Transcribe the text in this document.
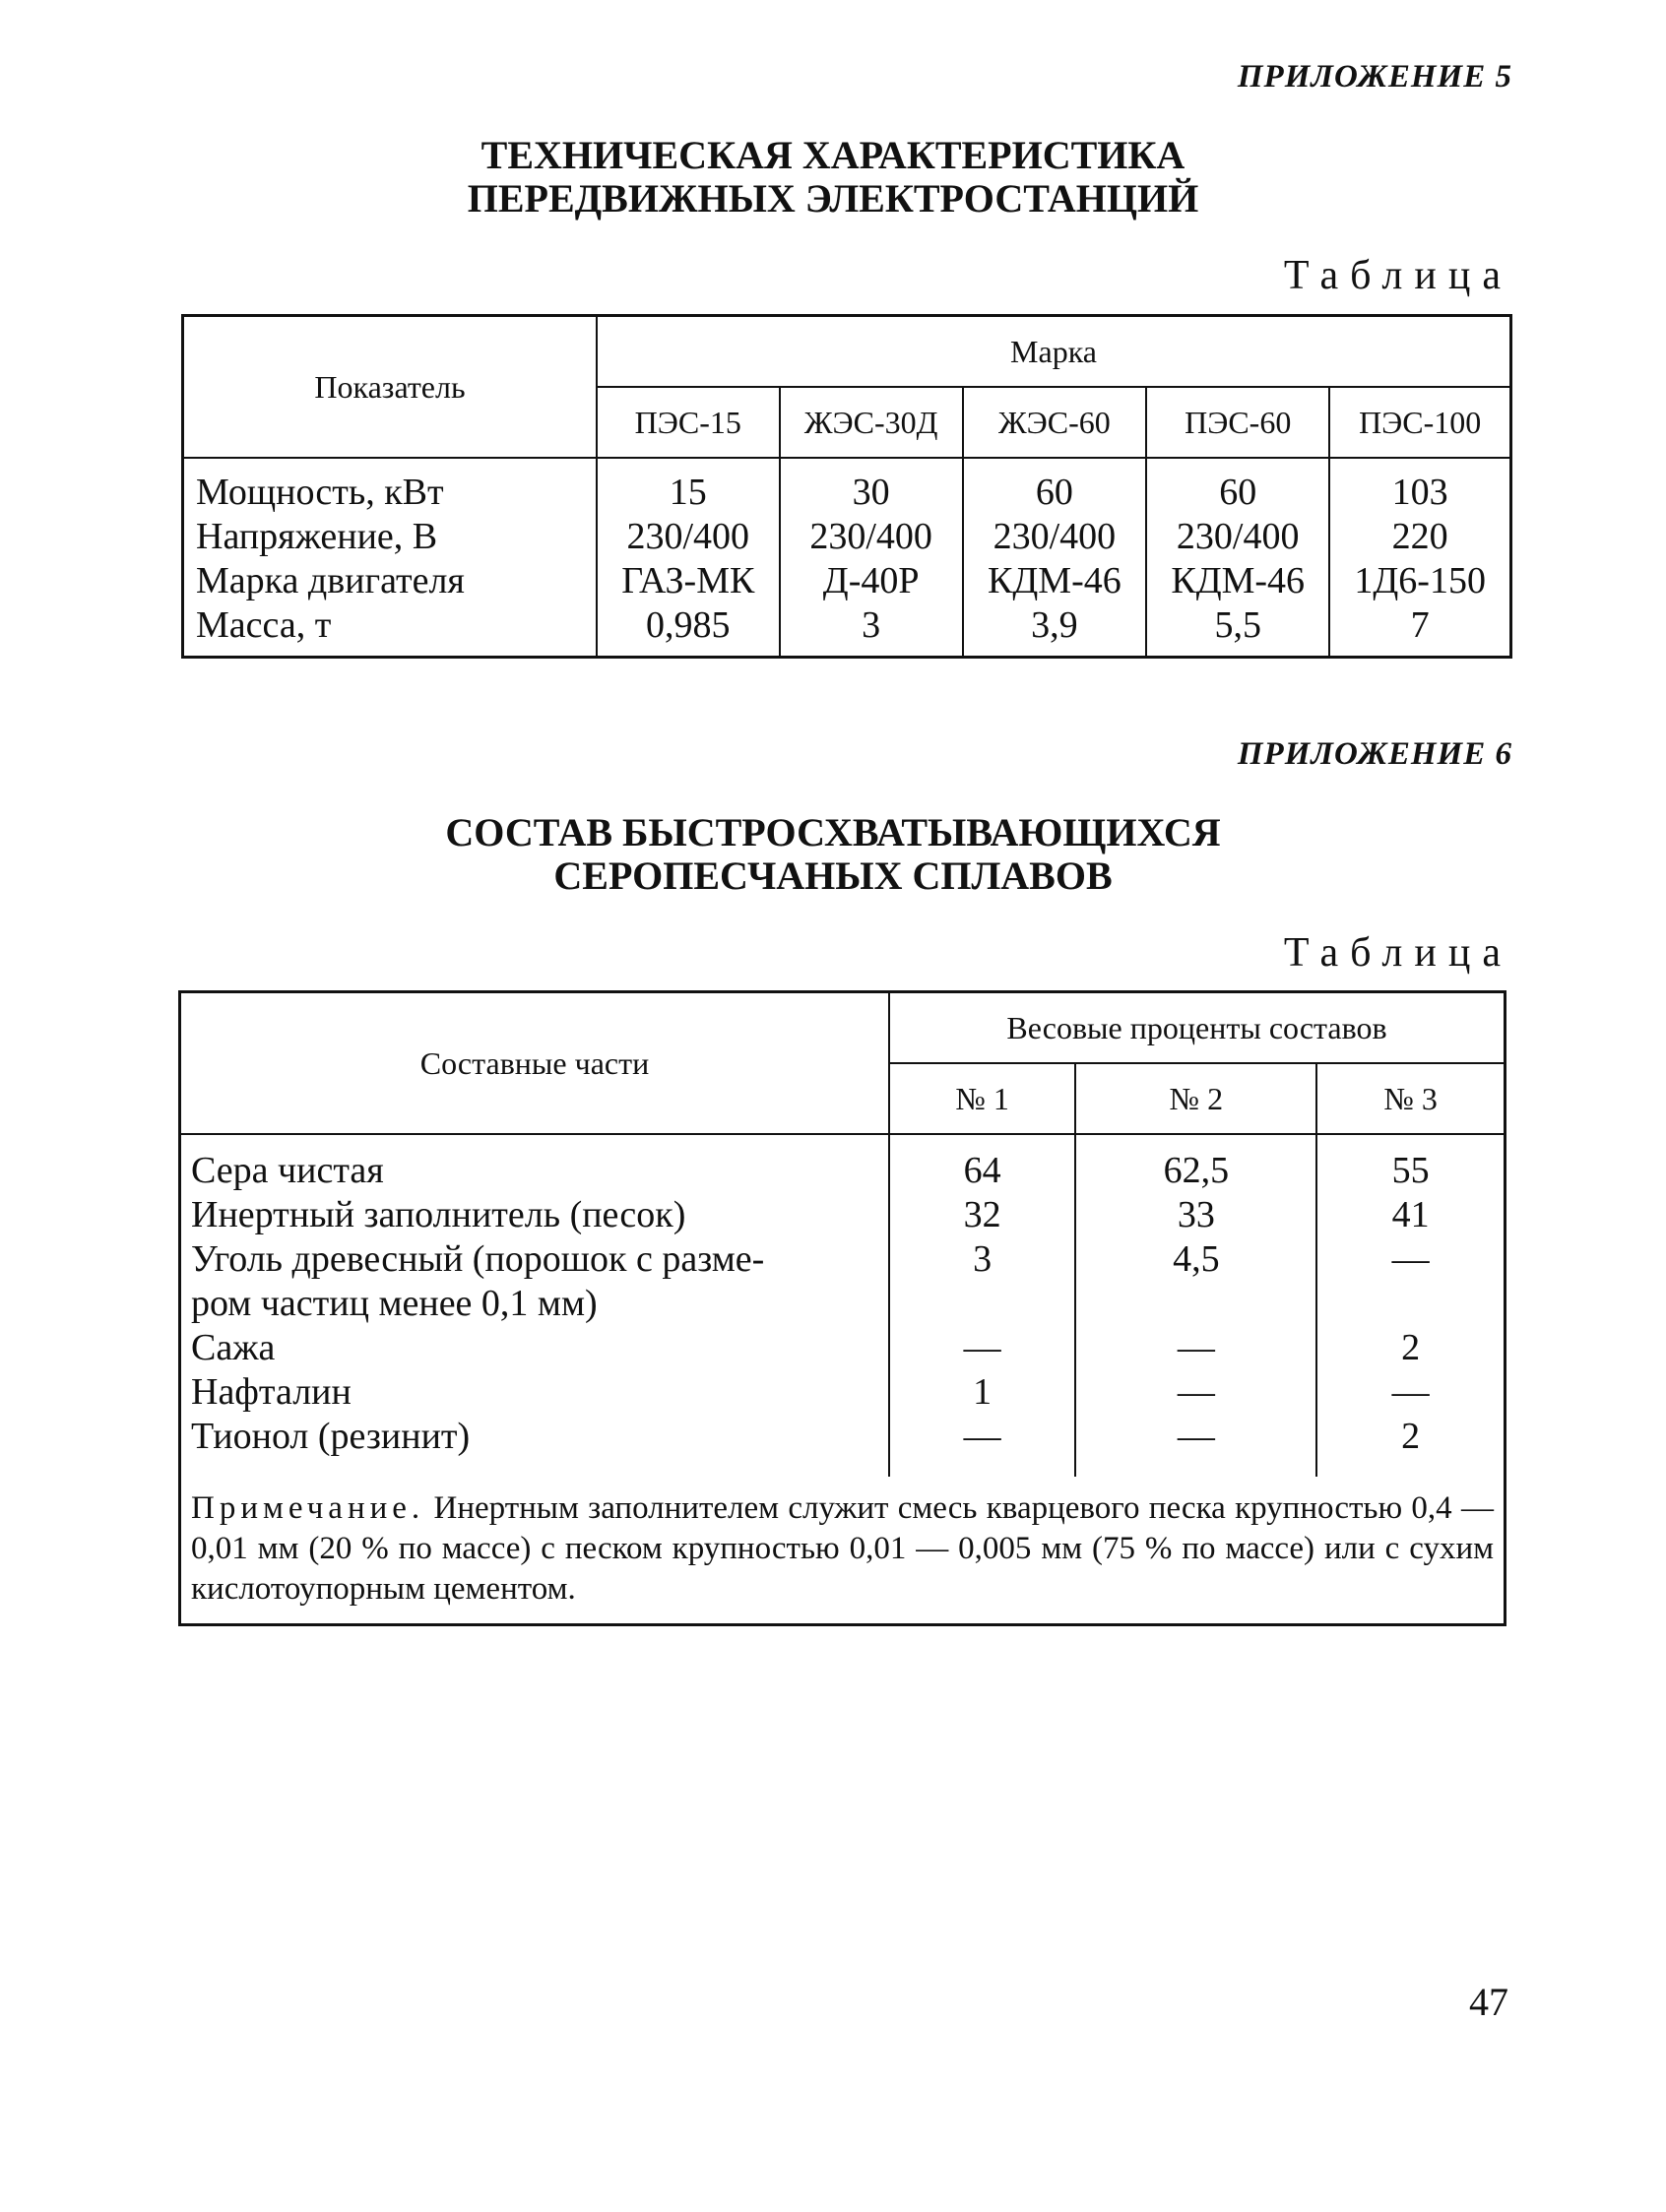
ПРИЛОЖЕНИЕ 5
ТЕХНИЧЕСКАЯ ХАРАКТЕРИСТИКА
ПЕРЕДВИЖНЫХ ЭЛЕКТРОСТАНЦИЙ
Таблица
Показатель	Марка				
	ПЭС-15	ЖЭС-30Д	ЖЭС-60	ПЭС-60	ПЭС-100
Мощность, кВт	15	30	60	60	103
Напряжение, В	230/400	230/400	230/400	230/400	220
Марка двигателя	ГАЗ-МК	Д-40Р	КДМ-46	КДМ-46	1Д6-150
Масса, т	0,985	3	3,9	5,5	7
ПРИЛОЖЕНИЕ 6
СОСТАВ БЫСТРОСХВАТЫВАЮЩИХСЯ
СЕРОПЕСЧАНЫХ СПЛАВОВ
Таблица
Составные части	Весовые проценты составов		
	№ 1	№ 2	№ 3
Сера чистая	64	62,5	55
Инертный заполнитель (песок)	32	33	41
Уголь древесный (порошок с разме-	3	4,5	—
ром частиц менее 0,1 мм)			
Сажа	—	—	2
Нафталин	1	—	—
Тионол (резинит)	—	—	2
Примечание. Инертным заполнителем служит смесь кварцевого песка крупностью 0,4 — 0,01 мм (20 % по массе) с песком крупностью 0,01 — 0,005 мм (75 % по массе) или с сухим кислотоупорным цементом.			
47
